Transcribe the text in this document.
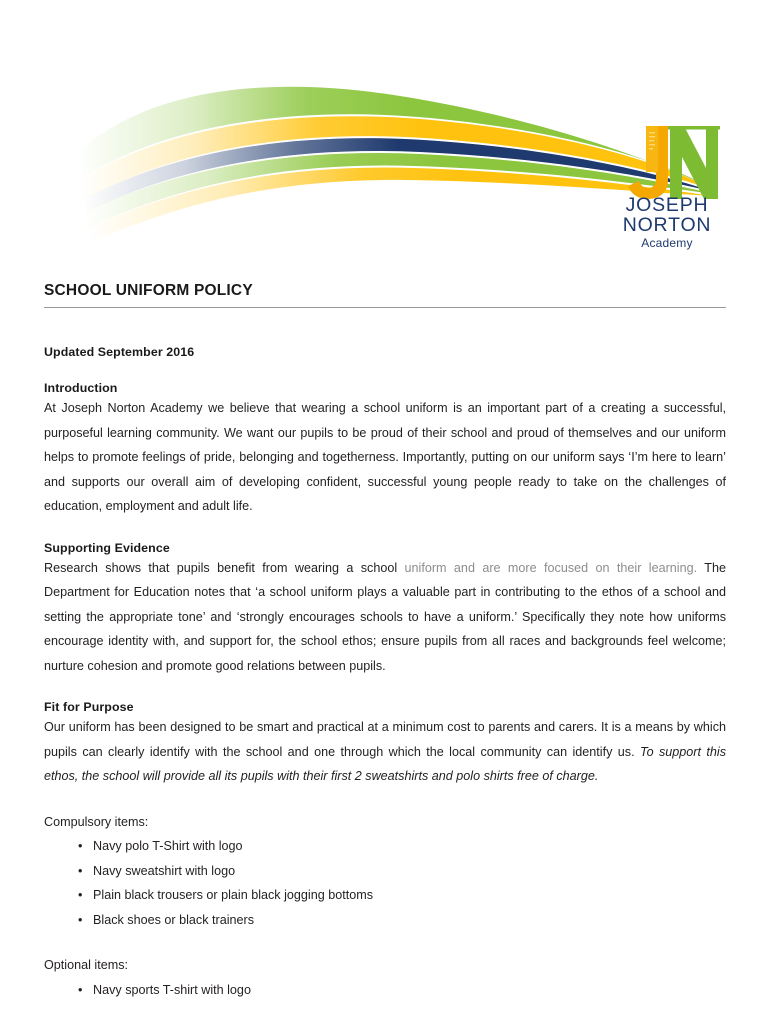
JOSEPH
NORTON
Academy
SCHOOL UNIFORM POLICY
Updated September 2016
Introduction

At Joseph Norton Academy we believe that wearing a school uniform is an important part of a creating a successful, purposeful learning community. We want our pupils to be proud of their school and proud of themselves and our uniform helps to promote feelings of pride, belonging and togetherness. Importantly, putting on our uniform says ‘I’m here to learn’ and supports our overall aim of developing confident, successful young people ready to take on the challenges of education, employment and adult life.

Supporting Evidence

Research shows that pupils benefit from wearing a school uniform and are more focused on their learning. The Department for Education notes that ‘a school uniform plays a valuable part in contributing to the ethos of a school and setting the appropriate tone’ and ‘strongly encourages schools to have a uniform.’ Specifically they note how uniforms encourage identity with, and support for, the school ethos; ensure pupils from all races and backgrounds feel welcome; nurture cohesion and promote good relations between pupils.

Fit for Purpose

Our uniform has been designed to be smart and practical at a minimum cost to parents and carers. It is a means by which pupils can clearly identify with the school and one through which the local community can identify us. To support this ethos, the school will provide all its pupils with their first 2 sweatshirts and polo shirts free of charge.

Compulsory items:
• Navy polo T-Shirt with logo
• Navy sweatshirt with logo
• Plain black trousers or plain black jogging bottoms
• Black shoes or black trainers
Optional items:
• Navy sports T-shirt with logo
